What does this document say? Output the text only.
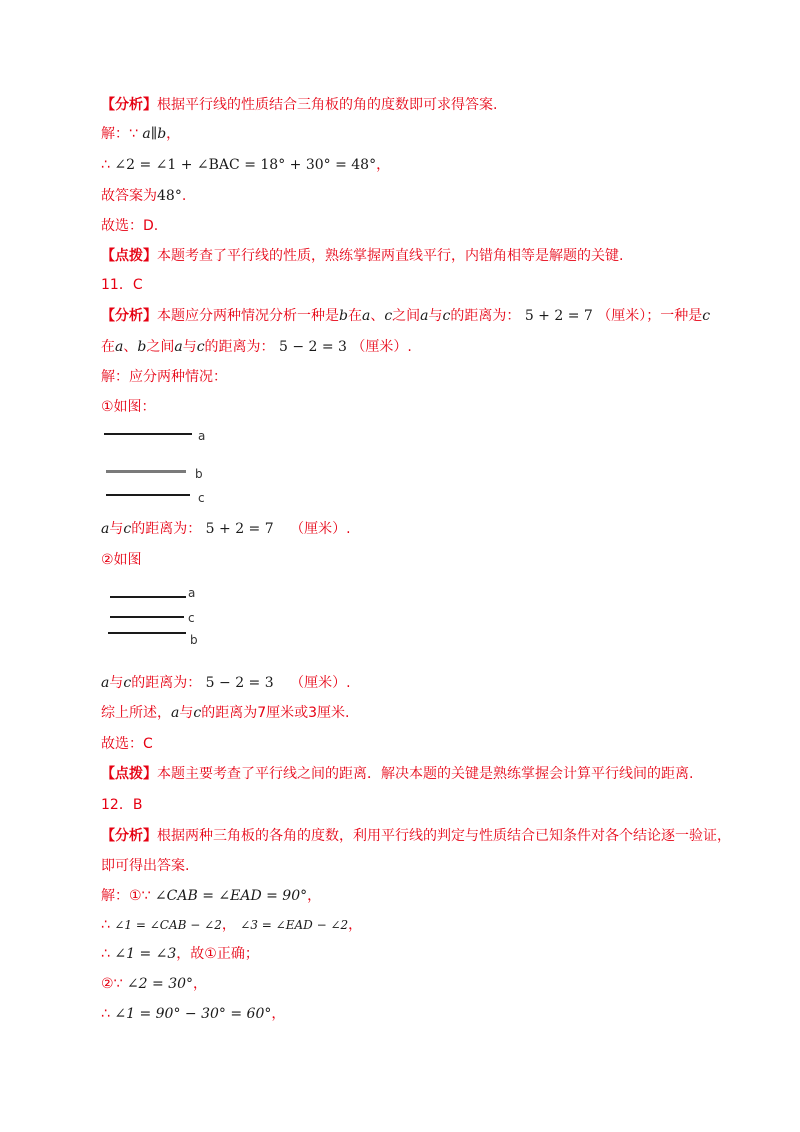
【分析】根据平行线的性质结合三角板的角的度数即可求得答案.
解：∵ a∥b，
∴ ∠2 = ∠1 + ∠BAC = 18° + 30° = 48°，
故答案为48°.
故选：D.
【点拨】本题考查了平行线的性质，熟练掌握两直线平行，内错角相等是解题的关键.
11．C
【分析】本题应分两种情况分析一种是b在a、c之间a与c的距离为： 5 + 2 = 7 （厘米）；一种是c
在a、b之间a与c的距离为： 5 − 2 = 3 （厘米）.
解：应分两种情况：
①如图：
a
b
c
a与c的距离为： 5 + 2 = 7 （厘米）.
②如图
a
c
b
a与c的距离为： 5 − 2 = 3 （厘米）.
综上所述，a与c的距离为7厘米或3厘米.
故选：C
【点拨】本题主要考查了平行线之间的距离．解决本题的关键是熟练掌握会计算平行线间的距离.
12．B
【分析】根据两种三角板的各角的度数，利用平行线的判定与性质结合已知条件对各个结论逐一验证，
即可得出答案.
解：①∵ ∠CAB = ∠EAD = 90°，
∴ ∠1 = ∠CAB − ∠2， ∠3 = ∠EAD − ∠2，
∴ ∠1 = ∠3，故①正确；
②∵ ∠2 = 30°，
∴ ∠1 = 90° − 30° = 60°，
